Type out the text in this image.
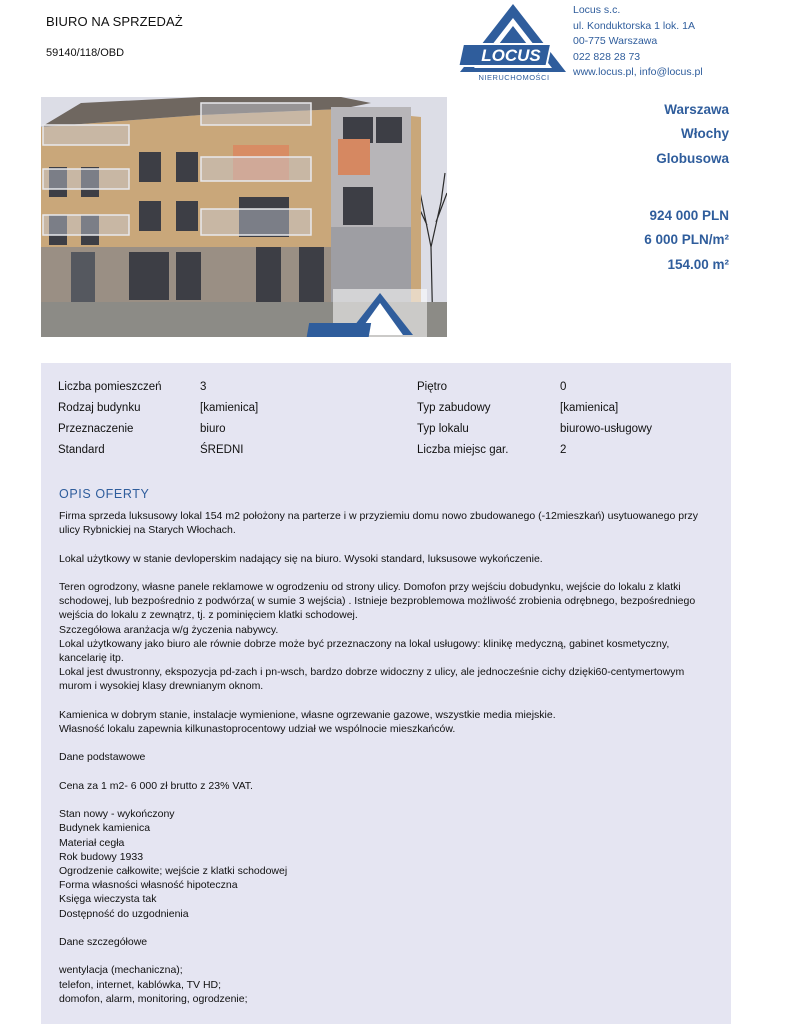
BIURO NA SPRZEDAŻ
59140/118/OBD	LOCUS
NIERUCHOMOŚCI
Locus s.c.
ul. Konduktorska 1 lok. 1A
00-775 Warszawa
022 828 28 73
www.locus.pl, info@locus.pl
Warszawa
Włochy
Globusowa
924 000 PLN
6 000 PLN/m²
154.00 m²
Liczba pomieszczeń	3	Piętro	0
Rodzaj budynku	[kamienica]	Typ zabudowy	[kamienica]
Przeznaczenie	biuro	Typ lokalu	biurowo-usługowy
Standard	ŚREDNI	Liczba miejsc gar.	2
OPIS OFERTY
Firma sprzeda luksusowy lokal 154 m2 położony na parterze i w przyziemiu domu nowo zbudowanego (-12mieszkań) usytuowanego przy
ulicy Rybnickiej na Starych Włochach.
Lokal użytkowy w stanie devloperskim nadający się na biuro. Wysoki standard, luksusowe wykończenie.
Teren ogrodzony, własne panele reklamowe w ogrodzeniu od strony ulicy. Domofon przy wejściu dobudynku, wejście do lokalu z klatki
schodowej, lub bezpośrednio z podwórza( w sumie 3 wejścia) . Istnieje bezproblemowa możliwość zrobienia odrębnego, bezpośredniego
wejścia do lokalu z zewnątrz, tj. z pominięciem klatki schodowej.
Szczegółowa aranżacja w/g życzenia nabywcy.
Lokal użytkowany jako biuro ale równie dobrze może być przeznaczony na lokal usługowy: klinikę medyczną, gabinet kosmetyczny,
kancelarię itp.
Lokal jest dwustronny, ekspozycja pd-zach i pn-wsch, bardzo dobrze widoczny z ulicy, ale jednocześnie cichy dzięki60-centymertowym
murom i wysokiej klasy drewnianym oknom.
Kamienica w dobrym stanie, instalacje wymienione, własne ogrzewanie gazowe, wszystkie media miejskie.
Własność lokalu zapewnia kilkunastoprocentowy udział we wspólnocie mieszkańców.
Dane podstawowe
Cena za 1 m2- 6 000 zł brutto z 23% VAT.
Stan nowy - wykończony
Budynek kamienica
Materiał cegła
Rok budowy 1933
Ogrodzenie całkowite; wejście z klatki schodowej
Forma własności własność hipoteczna
Księga wieczysta tak
Dostępność do uzgodnienia
Dane szczegółowe
wentylacja (mechaniczna);
telefon, internet, kablówka, TV HD;
domofon, alarm, monitoring, ogrodzenie;
